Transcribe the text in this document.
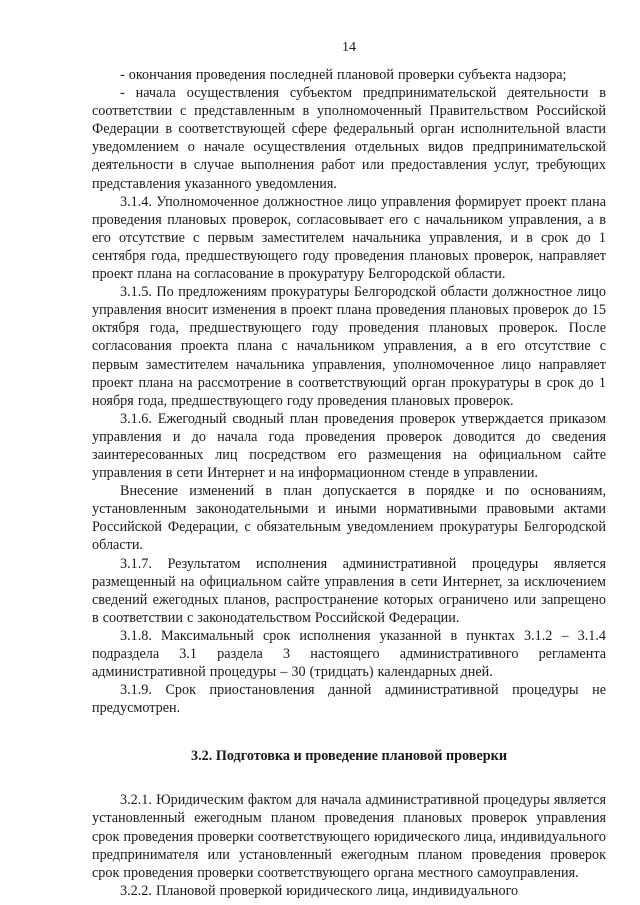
14

- окончания проведения последней плановой проверки субъекта надзора;

- начала осуществления субъектом предпринимательской деятельности в соответствии с представленным в уполномоченный Правительством Российской Федерации в соответствующей сфере федеральный орган исполнительной власти уведомлением о начале осуществления отдельных видов предпринимательской деятельности в случае выполнения работ или предоставления услуг, требующих представления указанного уведомления.

3.1.4. Уполномоченное должностное лицо управления формирует проект плана проведения плановых проверок, согласовывает его с начальником управления, а в его отсутствие с первым заместителем начальника управления, и в срок до 1 сентября года, предшествующего году проведения плановых проверок, направляет проект плана на согласование в прокуратуру Белгородской области.

3.1.5. По предложениям прокуратуры Белгородской области должностное лицо управления вносит изменения в проект плана проведения плановых проверок до 15 октября года, предшествующего году проведения плановых проверок. После согласования проекта плана с начальником управления, а в его отсутствие с первым заместителем начальника управления, уполномоченное лицо направляет проект плана на рассмотрение в соответствующий орган прокуратуры в срок до 1 ноября года, предшествующего году проведения плановых проверок.

3.1.6. Ежегодный сводный план проведения проверок утверждается приказом управления и до начала года проведения проверок доводится до сведения заинтересованных лиц посредством его размещения на официальном сайте управления в сети Интернет и на информационном стенде в управлении.

Внесение изменений в план допускается в порядке и по основаниям, установленным законодательными и иными нормативными правовыми актами Российской Федерации, с обязательным уведомлением прокуратуры Белгородской области.

3.1.7. Результатом исполнения административной процедуры является размещенный на официальном сайте управления в сети Интернет, за исключением сведений ежегодных планов, распространение которых ограничено или запрещено в соответствии с законодательством Российской Федерации.

3.1.8. Максимальный срок исполнения указанной в пунктах 3.1.2 – 3.1.4 подраздела 3.1 раздела 3 настоящего административного регламента административной процедуры – 30 (тридцать) календарных дней.

3.1.9. Срок приостановления данной административной процедуры не предусмотрен.

3.2. Подготовка и проведение плановой проверки

3.2.1. Юридическим фактом для начала административной процедуры является установленный ежегодным планом проведения плановых проверок управления срок проведения проверки соответствующего юридического лица, индивидуального предпринимателя или установленный ежегодным планом проведения проверок срок проведения проверки соответствующего органа местного самоуправления.

3.2.2. Плановой проверкой юридического лица, индивидуального
